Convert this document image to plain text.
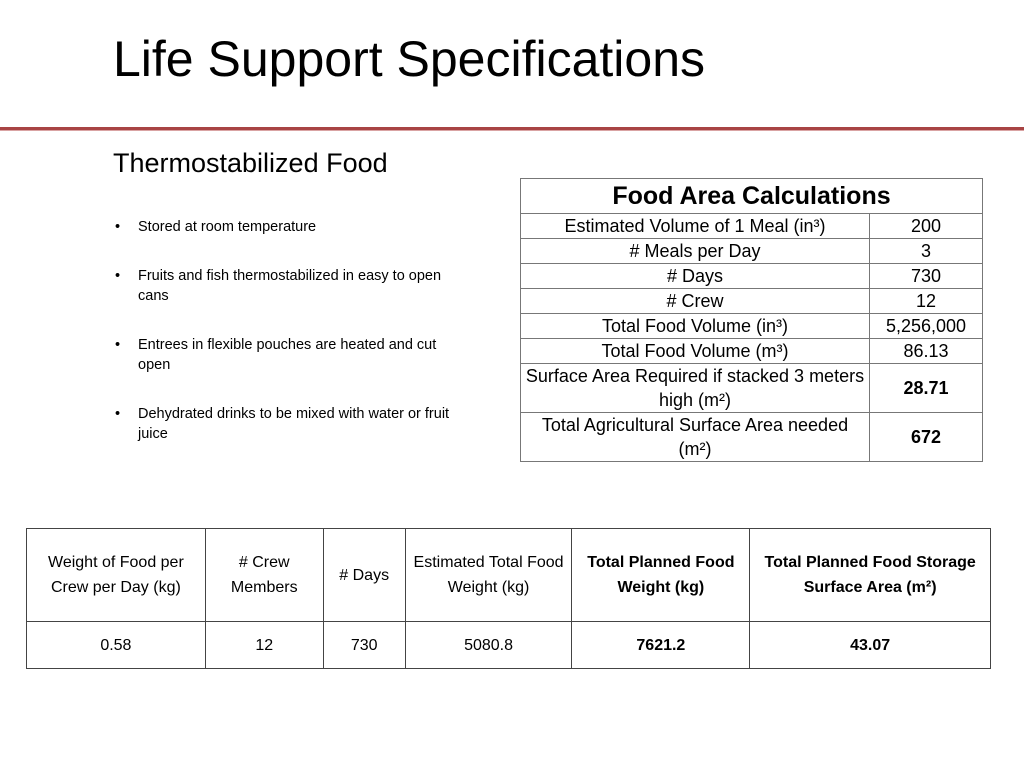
Life Support Specifications
Thermostabilized Food
• Stored at room temperature
• Fruits and fish thermostabilized in easy to open cans
• Entrees in flexible pouches are heated and cut open
• Dehydrated drinks to be mixed with water or fruit juice
Food Area Calculations	
Estimated Volume of 1 Meal (in³)	200
# Meals per Day	3
# Days	730
# Crew	12
Total Food Volume (in³)	5,256,000
Total Food Volume (m³)	86.13
Surface Area Required if stacked 3 meters high (m²)	28.71
Total Agricultural Surface Area needed (m²)	672
Weight of Food per Crew per Day (kg)	# Crew Members	# Days	Estimated Total Food Weight (kg)	Total Planned Food Weight (kg)	Total Planned Food Storage Surface Area (m²)
0.58	12	730	5080.8	7621.2	43.07
